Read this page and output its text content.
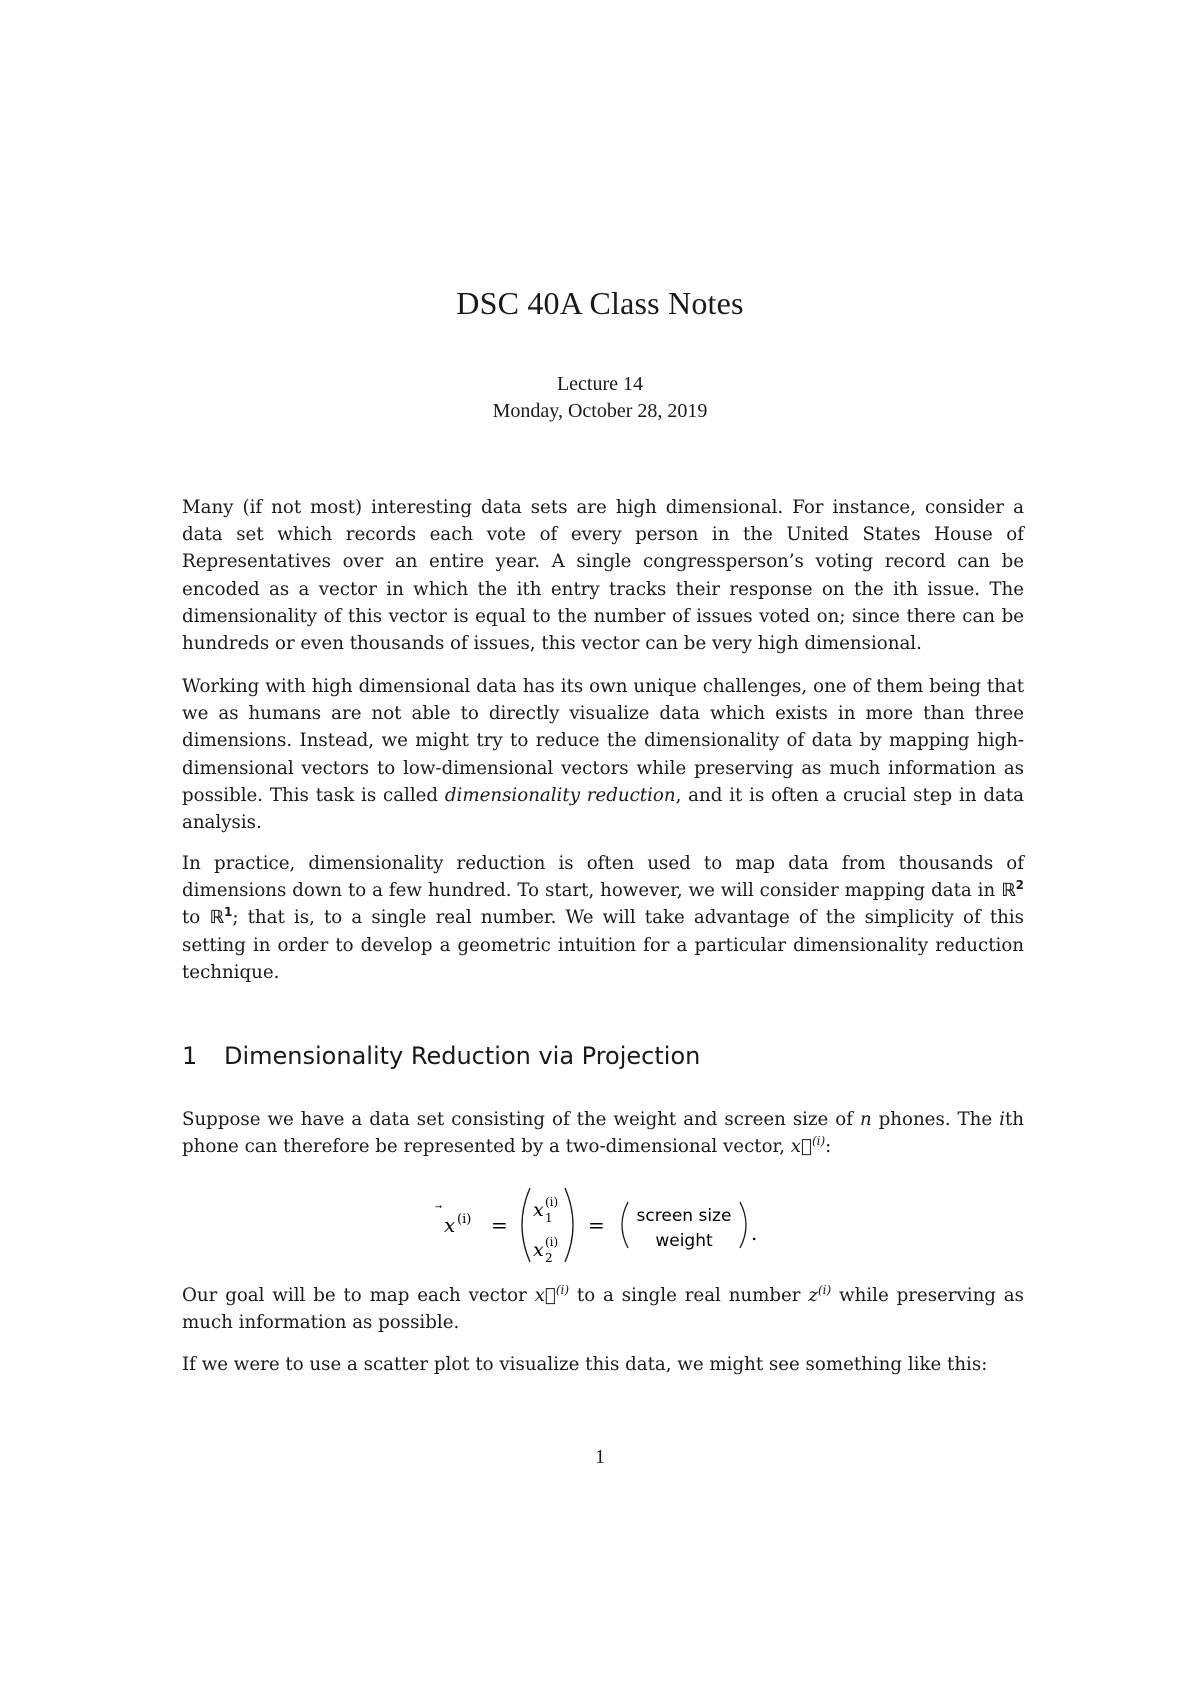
DSC 40A Class Notes
Lecture 14
Monday, October 28, 2019
Many (if not most) interesting data sets are high dimensional. For instance, consider a data set which records each vote of every person in the United States House of Representatives over an entire year. A single congressperson’s voting record can be encoded as a vector in which the ith entry tracks their response on the ith issue. The dimensionality of this vector is equal to the number of issues voted on; since there can be hundreds or even thousands of issues, this vector can be very high dimensional.
Working with high dimensional data has its own unique challenges, one of them being that we as humans are not able to directly visualize data which exists in more than three dimensions. Instead, we might try to reduce the dimensionality of data by mapping high-dimensional vectors to low-dimensional vectors while preserving as much information as possible. This task is called dimensionality reduction, and it is often a crucial step in data analysis.
In practice, dimensionality reduction is often used to map data from thousands of dimensions down to a few hundred. To start, however, we will consider mapping data in ℝ$^2$ to ℝ$^1$; that is, to a single real number. We will take advantage of the simplicity of this setting in order to develop a geometric intuition for a particular dimensionality reduction technique.
1 Dimensionality Reduction via Projection
Suppose we have a data set consisting of the weight and screen size of n phones. The ith phone can therefore be represented by a two-dimensional vector, x⃗$^{(i)}$:
x (i) =
x (i)
1
x (i)
2
= screen size
weight .
Our goal will be to map each vector x⃗$^{(i)}$ to a single real number $z^{(i)}$ while preserving as much information as possible.
If we were to use a scatter plot to visualize this data, we might see something like this:
1
